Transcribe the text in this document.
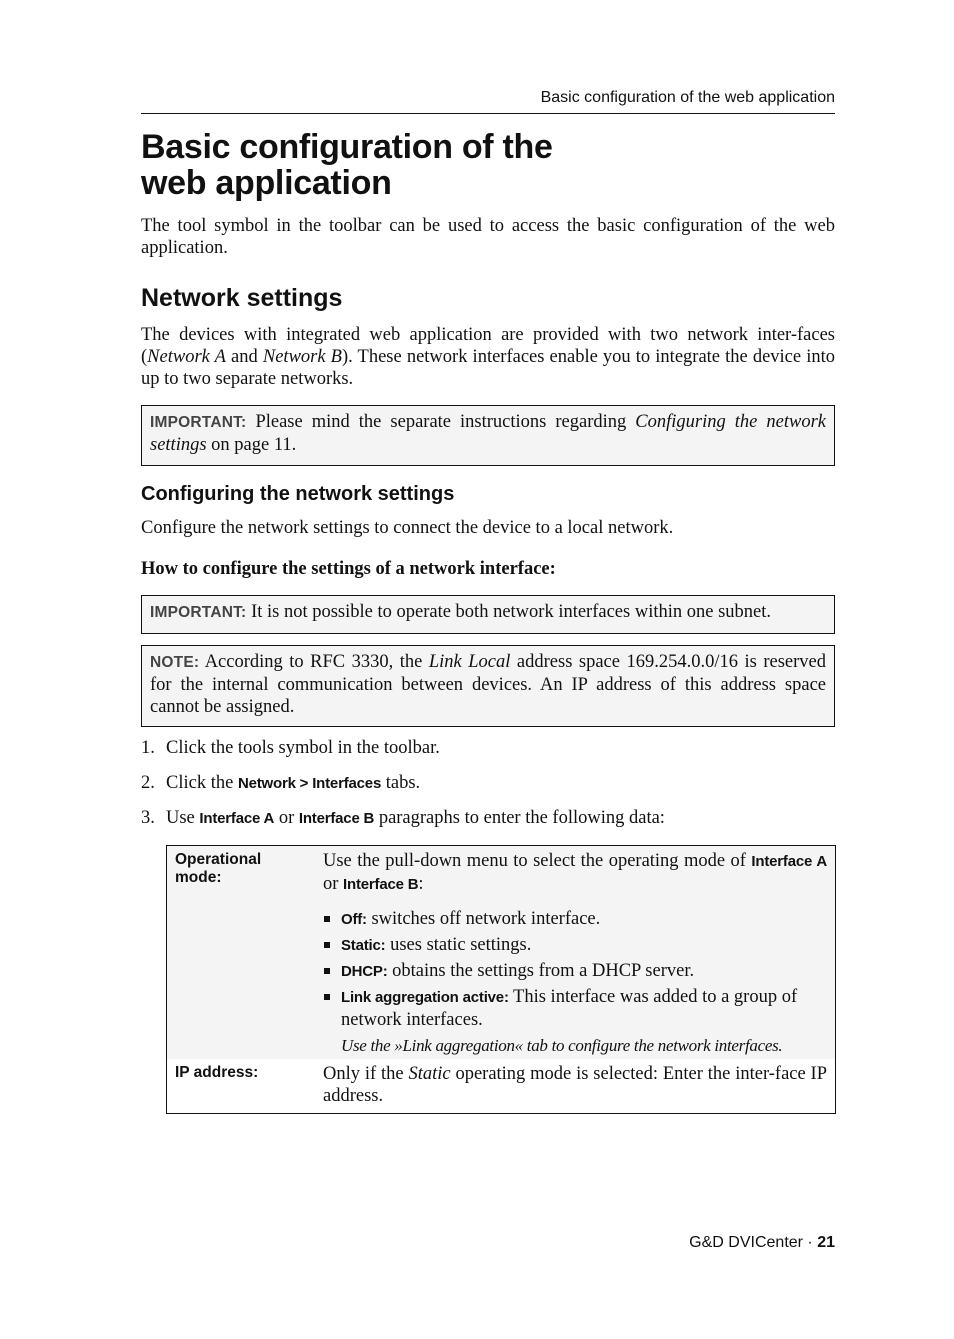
Basic configuration of the web application
Basic configuration of the
web application

The tool symbol in the toolbar can be used to access the basic configuration of the web application.

Network settings

The devices with integrated web application are provided with two network inter-faces (Network A and Network B). These network interfaces enable you to integrate the device into up to two separate networks.

IMPORTANT: Please mind the separate instructions regarding Configuring the network settings on page 11.
Configuring the network settings

Configure the network settings to connect the device to a local network.

How to configure the settings of a network interface:

IMPORTANT: It is not possible to operate both network interfaces within one subnet.
NOTE: According to RFC 3330, the Link Local address space 169.254.0.0/16 is reserved for the internal communication between devices. An IP address of this address space cannot be assigned.
1. Click the tools symbol in the toolbar.
2. Click the Network > Interfaces tabs.
3. Use Interface A or Interface B paragraphs to enter the following data:
Operational mode:
Use the pull-down menu to select the operating mode of Interface A or Interface B:
Off: switches off network interface.
Static: uses static settings.
DHCP: obtains the settings from a DHCP server.
Link aggregation active: This interface was added to a group of network interfaces.
Use the »Link aggregation« tab to configure the network interfaces.
IP address:	Only if the Static operating mode is selected: Enter the inter-face IP address.
G&D DVICenter · 21
